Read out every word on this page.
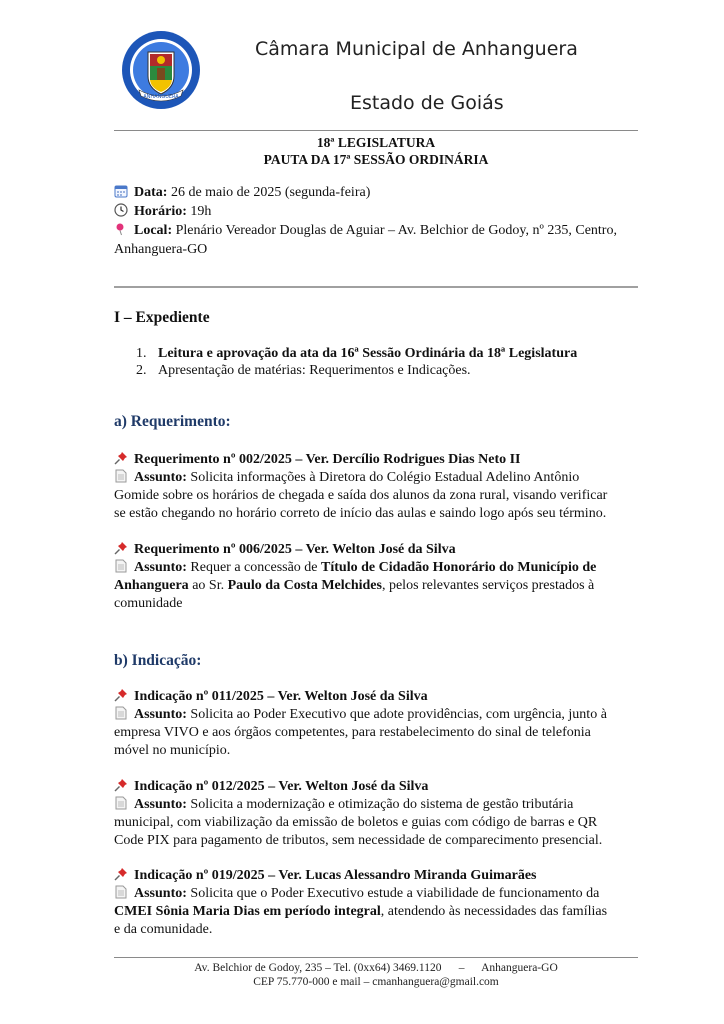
ANHANGUERA
Câmara Municipal de Anhanguera
Estado de Goiás
18ª LEGISLATURA
PAUTA DA 17ª SESSÃO ORDINÁRIA
Data: 26 de maio de 2025 (segunda-feira)
Horário: 19h
Local: Plenário Vereador Douglas de Aguiar – Av. Belchior de Godoy, nº 235, Centro,
Anhanguera-GO
I – Expediente
1. Leitura e aprovação da ata da 16ª Sessão Ordinária da 18ª Legislatura
2. Apresentação de matérias: Requerimentos e Indicações.
a) Requerimento:
Requerimento nº 002/2025 – Ver. Dercílio Rodrigues Dias Neto II
Assunto: Solicita informações à Diretora do Colégio Estadual Adelino Antônio
Gomide sobre os horários de chegada e saída dos alunos da zona rural, visando verificar
se estão chegando no horário correto de início das aulas e saindo logo após seu término.
Requerimento nº 006/2025 – Ver. Welton José da Silva
Assunto: Requer a concessão de Título de Cidadão Honorário do Município de
Anhanguera ao Sr. Paulo da Costa Melchides, pelos relevantes serviços prestados à
comunidade
b) Indicação:
Indicação nº 011/2025 – Ver. Welton José da Silva
Assunto: Solicita ao Poder Executivo que adote providências, com urgência, junto à
empresa VIVO e aos órgãos competentes, para restabelecimento do sinal de telefonia
móvel no município.
Indicação nº 012/2025 – Ver. Welton José da Silva
Assunto: Solicita a modernização e otimização do sistema de gestão tributária
municipal, com viabilização da emissão de boletos e guias com código de barras e QR
Code PIX para pagamento de tributos, sem necessidade de comparecimento presencial.
Indicação nº 019/2025 – Ver. Lucas Alessandro Miranda Guimarães
Assunto: Solicita que o Poder Executivo estude a viabilidade de funcionamento da
CMEI Sônia Maria Dias em período integral, atendendo às necessidades das famílias
e da comunidade.
Av. Belchior de Godoy, 235 – Tel. (0xx64) 3469.1120      –      Anhanguera-GO
CEP 75.770-000 e mail – cmanhanguera@gmail.com
